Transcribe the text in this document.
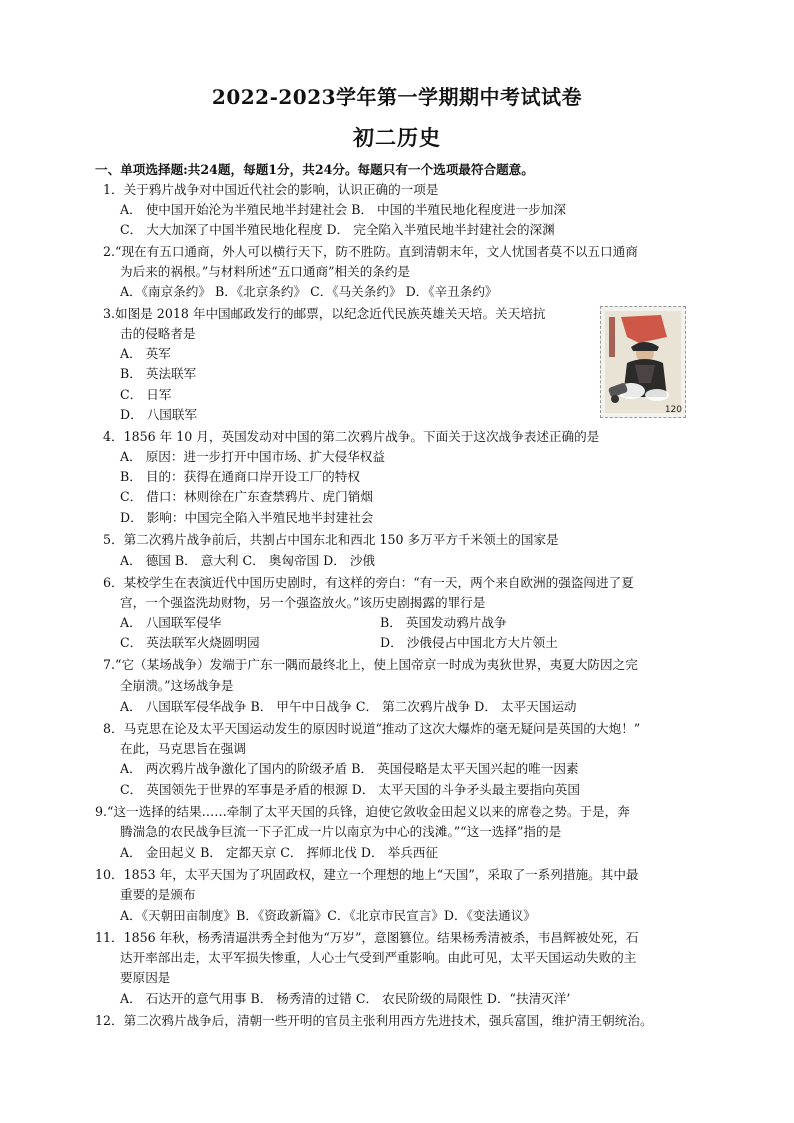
2022-2023学年第一学期期中考试试卷
初二历史
一、单项选择题:共24题，每题1分，共24分。每题只有一个选项最符合题意。
120
1．关于鸦片战争对中国近代社会的影响，认识正确的一项是
A． 使中国开始沦为半殖民地半封建社会 B． 中国的半殖民地化程度进一步加深
C． 大大加深了中国半殖民地化程度 D． 完全陷入半殖民地半封建社会的深渊
2.“现在有五口通商，外人可以横行天下，防不胜防。直到清朝末年，文人忧国者莫不以五口通商
为后来的祸根。”与材料所述“五口通商”相关的条约是
A．《南京条约》 B．《北京条约》 C．《马关条约》 D．《辛丑条约》
3.如图是 2018 年中国邮政发行的邮票，以纪念近代民族英雄关天培。关天培抗
击的侵略者是
A． 英军
B． 英法联军
C． 日军
D． 八国联军
4．1856 年 10 月，英国发动对中国的第二次鸦片战争。下面关于这次战争表述正确的是
A． 原因：进一步打开中国市场、扩大侵华权益
B． 目的：获得在通商口岸开设工厂的特权
C． 借口：林则徐在广东查禁鸦片、虎门销烟
D． 影响：中国完全陷入半殖民地半封建社会
5．第二次鸦片战争前后，共割占中国东北和西北 150 多万平方千米领土的国家是
A． 德国 B． 意大利 C． 奥匈帝国 D． 沙俄
6．某校学生在表演近代中国历史剧时，有这样的旁白：“有一天，两个来自欧洲的强盗闯进了夏
宫，一个强盗洗劫财物，另一个强盗放火。”该历史剧揭露的罪行是
A． 八国联军侵华	B． 英国发动鸦片战争
C． 英法联军火烧圆明园	D． 沙俄侵占中国北方大片领土
7.“它（某场战争）发端于广东一隅而最终北上，使上国帝京一时成为夷狄世界，夷夏大防因之完
全崩溃。”这场战争是
A． 八国联军侵华战争 B． 甲午中日战争 C． 第二次鸦片战争 D． 太平天国运动
8．马克思在论及太平天国运动发生的原因时说道“推动了这次大爆炸的毫无疑问是英国的大炮！”
在此，马克思旨在强调
A． 两次鸦片战争激化了国内的阶级矛盾 B． 英国侵略是太平天国兴起的唯一因素
C． 英国领先于世界的军事是矛盾的根源 D． 太平天国的斗争矛头最主要指向英国
9.“这一选择的结果……牵制了太平天国的兵锋，迫使它敛收金田起义以来的席卷之势。于是，奔
腾湍急的农民战争巨流一下子汇成一片以南京为中心的浅滩。”“这一选择”指的是
A． 金田起义 B． 定都天京 C． 挥师北伐 D． 举兵西征
10．1853 年，太平天国为了巩固政权，建立一个理想的地上“天国”，采取了一系列措施。其中最
重要的是颁布
A．《天朝田亩制度》B．《资政新篇》C．《北京市民宣言》D．《变法通议》
11．1856 年秋，杨秀清逼洪秀全封他为“万岁”，意图篡位。结果杨秀清被杀，韦昌辉被处死，石
达开率部出走，太平军损失惨重，人心士气受到严重影响。由此可见，太平天国运动失败的主
要原因是
A． 石达开的意气用事 B． 杨秀清的过错 C． 农民阶级的局限性 D．“扶清灭洋’
12．第二次鸦片战争后，清朝一些开明的官员主张利用西方先进技术，强兵富国，维护清王朝统治。
